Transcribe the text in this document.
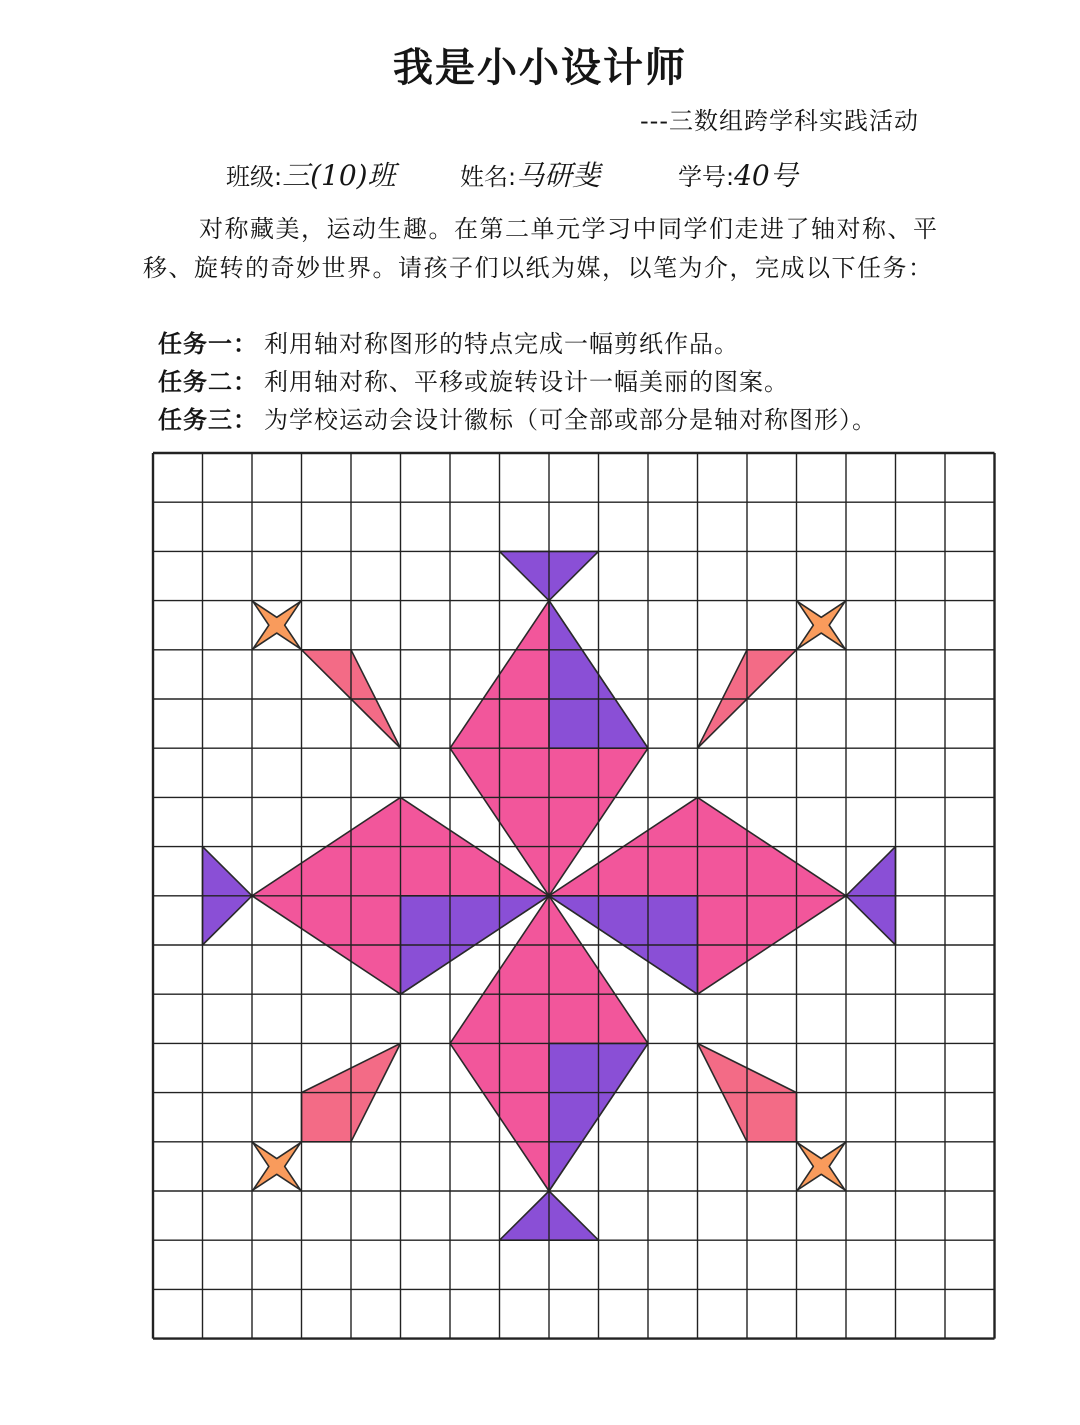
我是小小设计师
---三数组跨学科实践活动
班级:三(10)班	姓名:马研斐	学号:40号

对称藏美，运动生趣。在第二单元学习中同学们走进了轴对称、平移、旋转的奇妙世界。请孩子们以纸为媒，以笔为介，完成以下任务：

任务一： 利用轴对称图形的特点完成一幅剪纸作品。
任务二： 利用轴对称、平移或旋转设计一幅美丽的图案。
任务三： 为学校运动会设计徽标（可全部或部分是轴对称图形）。
